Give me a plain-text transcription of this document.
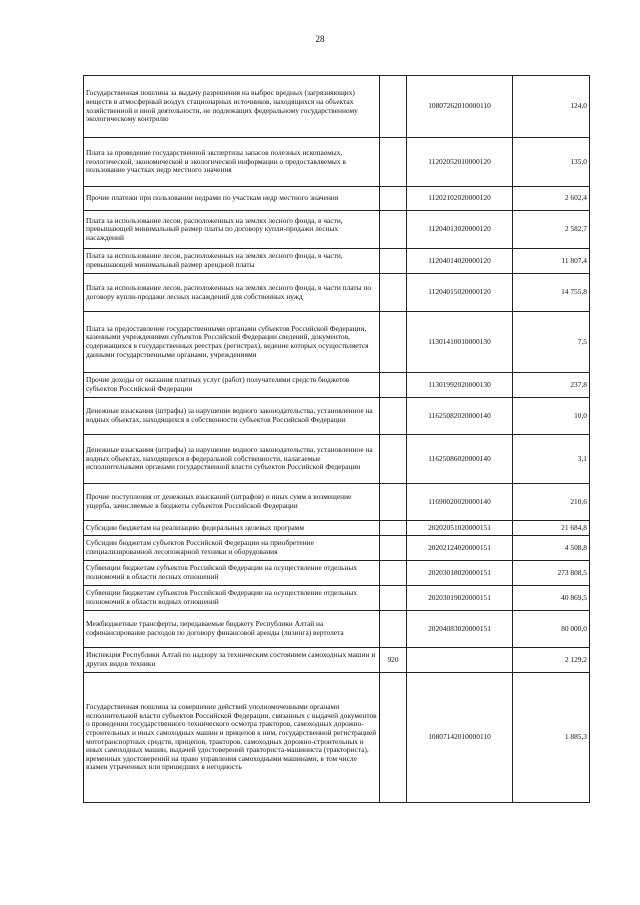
28
Государственная пошлина за выдачу разрешения на выброс вредных (загрязняющих) веществ в атмосферный воздух стационарных источников, находящихся на объектах хозяйственной и иной деятельности, не подлежащих федеральному государственному экологическому контролю		10807262010000110	124,0
Плата за проведение государственной экспертизы запасов полезных ископаемых, геологической, экономической и экологической информации о предоставляемых в пользование участках недр местного значения		11202052010000120	135,0
Прочие платежи при пользовании недрами по участкам недр местного значения		11202102020000120	2 602,4
Плата за использование лесов, расположенных на землях лесного фонда, в части, превышающей минимальный размер платы по договору купли-продажи лесных насаждений		11204013020000120	2 582,7
Плата за использование лесов, расположенных на землях лесного фонда, в части, превышающей минимальный размер арендной платы		11204014020000120	11 807,4
Плата за использование лесов, расположенных на землях лесного фонда, в части платы по договору купли-продажи лесных насаждений для собственных нужд		11204015020000120	14 755,8
Плата за предоставление государственными органами субъектов Российской Федерации, казенными учреждениями субъектов Российской Федерации сведений, документов, содержащихся в государственных реестрах (регистрах), ведение которых осуществляется данными государственными органами, учреждениями		11301410010000130	7,5
Прочие доходы от оказания платных услуг (работ) получателями средств бюджетов субъектов Российской Федерации		11301992020000130	237,8
Денежные взыскания (штрафы) за нарушение водного законодательства, установленное на водных объектах, находящихся в собственности субъектов Российской Федерации		11625082020000140	10,0
Денежные взыскания (штрафы) за нарушение водного законодательства, установленное на водных объектах, находящихся в федеральной собственности, налагаемые исполнительными органами государственной власти субъектов Российской Федерации		11625086020000140	3,1
Прочие поступления от денежных взысканий (штрафов) и иных сумм в возмещение ущерба, зачисляемые в бюджеты субъектов Российской Федерации		11690020020000140	210,6
Субсидии бюджетам на реализацию федеральных целевых программ		20202051020000151	21 684,8
Субсидии бюджетам субъектов Российской Федерации на приобретение специализированной лесопожарной техники и оборудования		20202124020000151	4 508,8
Субвенции бюджетам субъектов Российской Федерации на осуществление отдельных полномочий в области лесных отношений		20203018020000151	273 808,5
Субвенции бюджетам субъектов Российской Федерации на осуществление отдельных полномочий в области водных отношений		20203019020000151	40 869,5
Межбюджетные трансферты, передаваемые бюджету Республики Алтай на софинансирование расходов по договору финансовой аренды (лизинга) вертолета		20204083020000151	80 000,0
Инспекция Республики Алтай по надзору за техническим состоянием самоходных машин и других видов техники	920		2 129,2
Государственная пошлина за совершение действий уполномоченными органами исполнительной власти субъектов Российской Федерации, связанных с выдачей документов о проведении государственного технического осмотра тракторов, самоходных дорожно-строительных и иных самоходных машин и прицепов к ним, государственной регистрацией мототранспортных средств, прицепов, тракторов, самоходных дорожно-строительных и иных самоходных машин, выдачей удостоверений тракториста-машиниста (тракториста), временных удостоверений на право управления самоходными машинами, в том числе взамен утраченных или пришедших в негодность		10807142010000110	1 885,3
